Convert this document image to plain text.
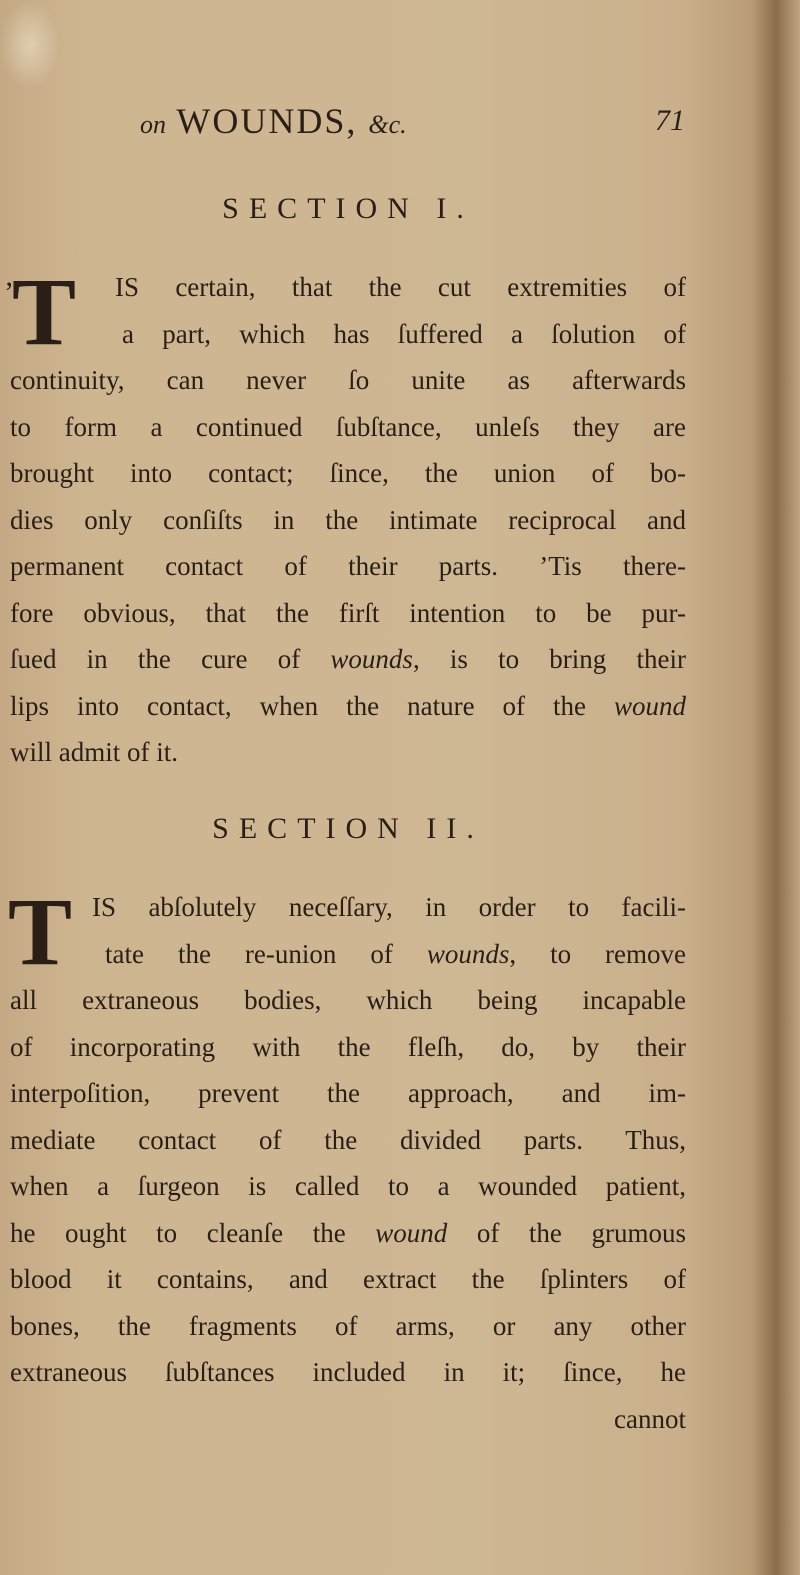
on WOUNDS, &c.	71
SECTION I.
’
T	IS certain, that the cut extremities of
a part, which has ſuffered a ſolution of
continuity, can never ſo unite as afterwards
to form a continued ſubſtance, unleſs they are
brought into contact; ſince, the union of bo-
dies only conſiſts in the intimate reciprocal and
permanent contact of their parts. ’Tis there-
fore obvious, that the firſt intention to be pur-
ſued in the cure of wounds, is to bring their
lips into contact, when the nature of the wound
will admit of it.
SECTION II.
T IS abſolutely neceſſary, in order to facili-
tate the re-union of wounds, to remove
all extraneous bodies, which being incapable
of incorporating with the fleſh, do, by their
interpoſition, prevent the approach, and im-
mediate contact of the divided parts. Thus,
when a ſurgeon is called to a wounded patient,
he ought to cleanſe the wound of the grumous
blood it contains, and extract the ſplinters of
bones, the fragments of arms, or any other
extraneous ſubſtances included in it; ſince, he
cannot
